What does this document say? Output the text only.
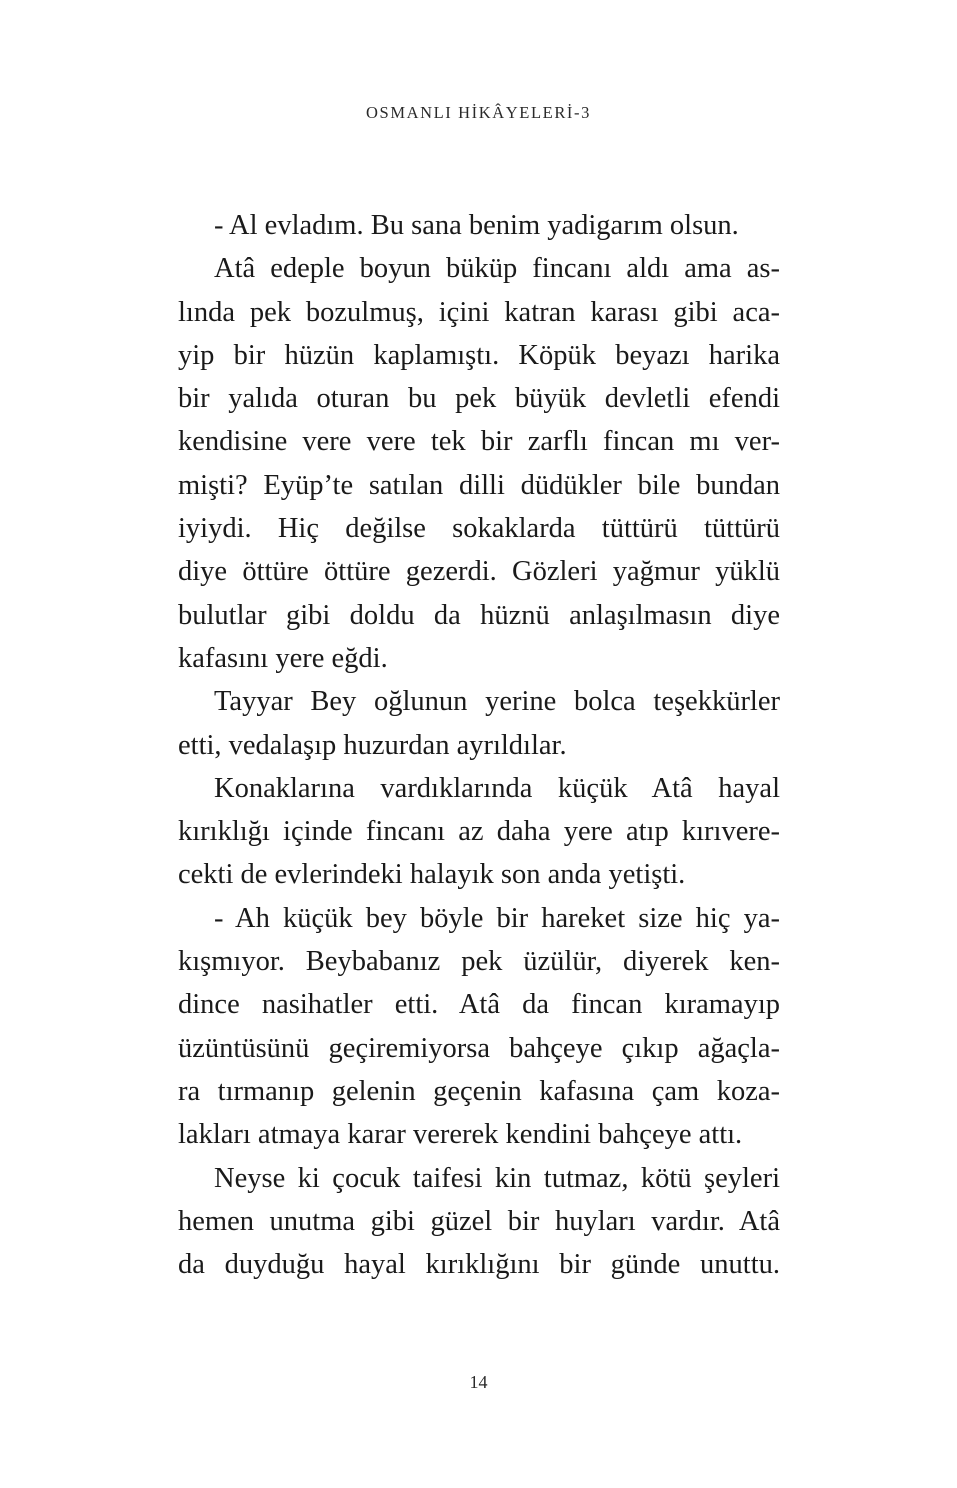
OSMANLI HİKÂYELERİ-3
- Al evladım. Bu sana benim yadigarım olsun.
Atâ edeple boyun büküp fincanı aldı ama as-
lında pek bozulmuş, içini katran karası gibi aca-
yip bir hüzün kaplamıştı. Köpük beyazı harika
bir yalıda oturan bu pek büyük devletli efendi
kendisine vere vere tek bir zarflı fincan mı ver-
mişti? Eyüp’te satılan dilli düdükler bile bundan
iyiydi. Hiç değilse sokaklarda tüttürü tüttürü
diye öttüre öttüre gezerdi. Gözleri yağmur yüklü
bulutlar gibi doldu da hüznü anlaşılmasın diye
kafasını yere eğdi.
Tayyar Bey oğlunun yerine bolca teşekkürler
etti, vedalaşıp huzurdan ayrıldılar.
Konaklarına vardıklarında küçük Atâ hayal
kırıklığı içinde fincanı az daha yere atıp kırıvere-
cekti de evlerindeki halayık son anda yetişti.
- Ah küçük bey böyle bir hareket size hiç ya-
kışmıyor. Beybabanız pek üzülür, diyerek ken-
dince nasihatler etti. Atâ da fincan kıramayıp
üzüntüsünü geçiremiyorsa bahçeye çıkıp ağaçla-
ra tırmanıp gelenin geçenin kafasına çam koza-
lakları atmaya karar vererek kendini bahçeye attı.
Neyse ki çocuk taifesi kin tutmaz, kötü şeyleri
hemen unutma gibi güzel bir huyları vardır. Atâ
da duyduğu hayal kırıklığını bir günde unuttu.
14
